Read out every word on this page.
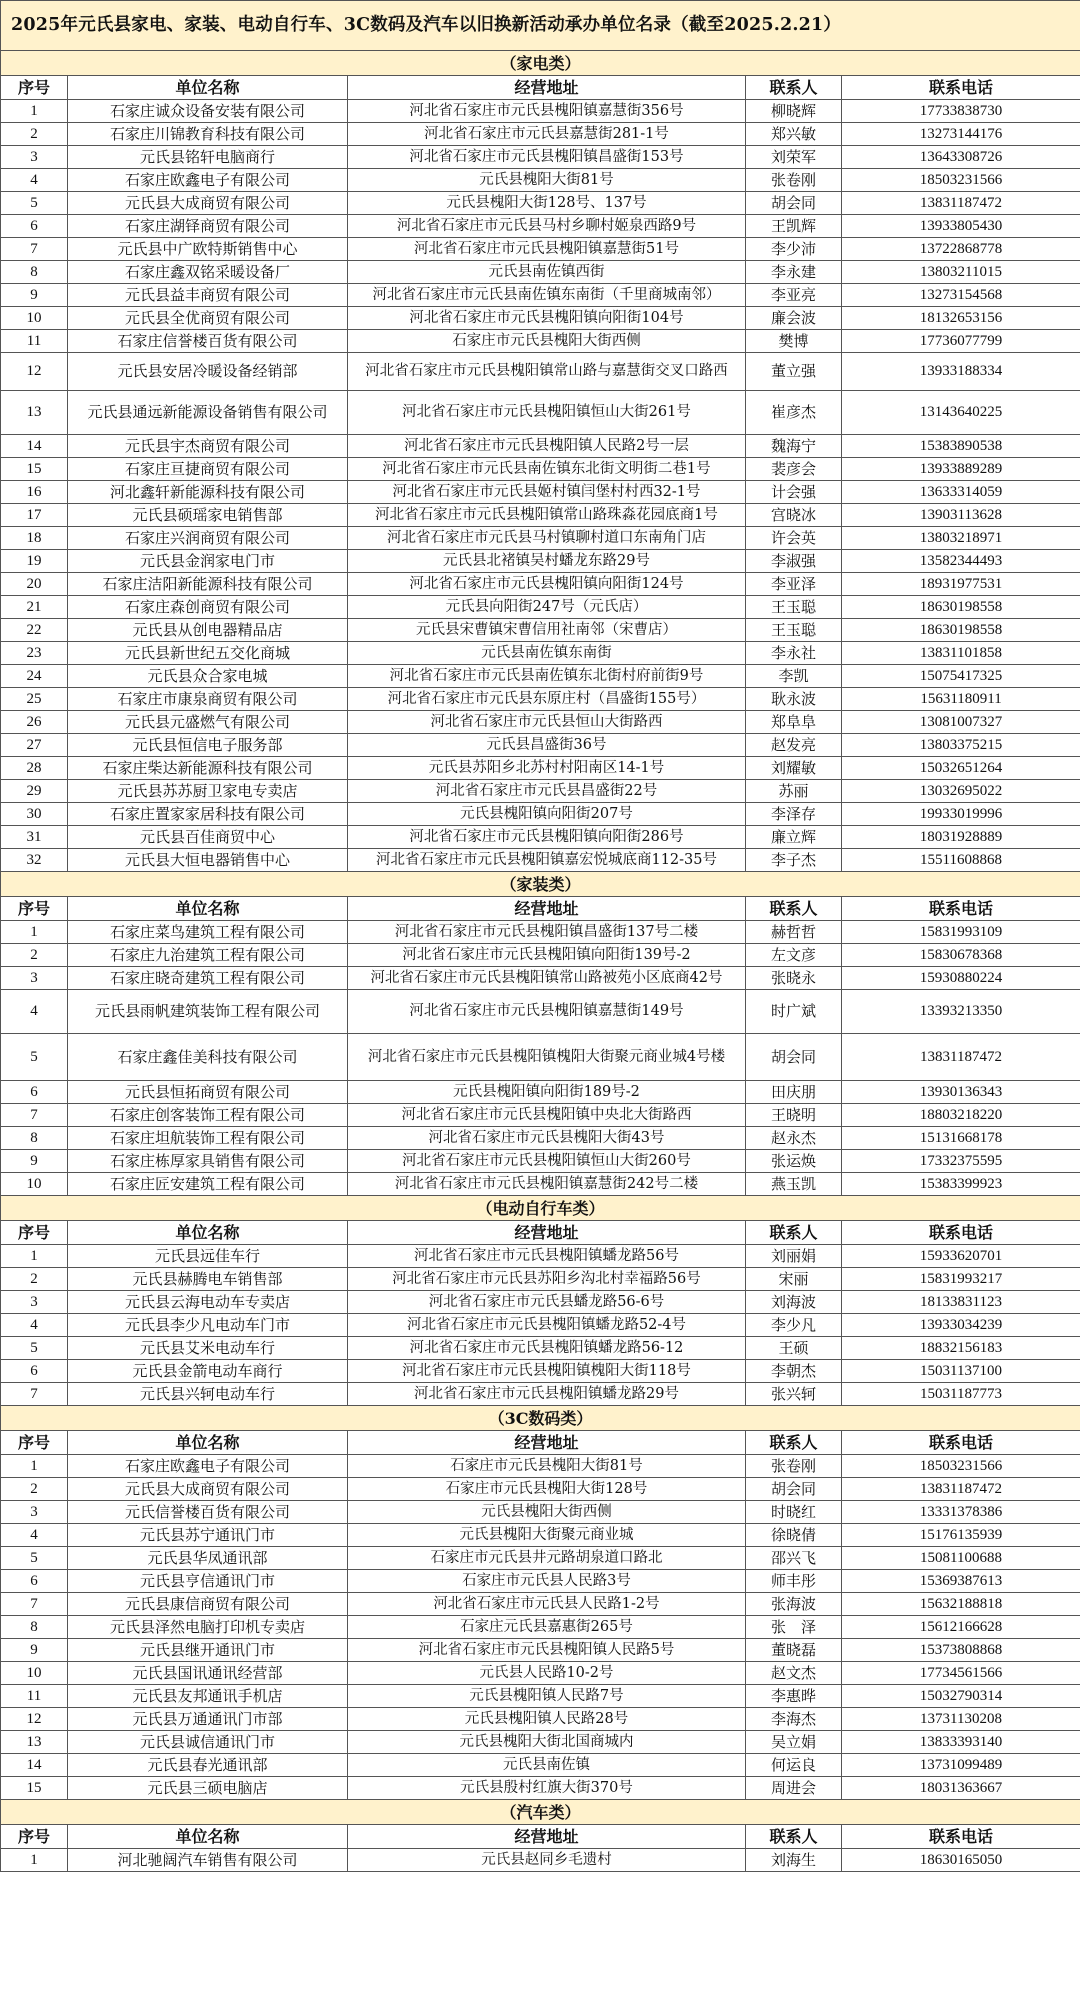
2025年元氏县家电、家装、电动自行车、3C数码及汽车以旧换新活动承办单位名录（截至2025.2.21）				
（家电类）				
序号	单位名称	经营地址	联系人	联系电话
1	石家庄诚众设备安装有限公司	河北省石家庄市元氏县槐阳镇嘉慧街356号	柳晓辉	17733838730
2	石家庄川锦教育科技有限公司	河北省石家庄市元氏县嘉慧街281-1号	郑兴敏	13273144176
3	元氏县铭轩电脑商行	河北省石家庄市元氏县槐阳镇昌盛街153号	刘荣军	13643308726
4	石家庄欧鑫电子有限公司	元氏县槐阳大街81号	张卷刚	18503231566
5	元氏县大成商贸有限公司	元氏县槐阳大街128号、137号	胡会同	13831187472
6	石家庄湖铎商贸有限公司	河北省石家庄市元氏县马村乡聊村姬泉西路9号	王凯辉	13933805430
7	元氏县中广欧特斯销售中心	河北省石家庄市元氏县槐阳镇嘉慧街51号	李少沛	13722868778
8	石家庄鑫双铭采暖设备厂	元氏县南佐镇西街	李永建	13803211015
9	元氏县益丰商贸有限公司	河北省石家庄市元氏县南佐镇东南街（千里商城南邻）	李亚亮	13273154568
10	元氏县全优商贸有限公司	河北省石家庄市元氏县槐阳镇向阳街104号	廉会波	18132653156
11	石家庄信誉楼百货有限公司	石家庄市元氏县槐阳大街西侧	樊博	17736077799
12	元氏县安居冷暖设备经销部	河北省石家庄市元氏县槐阳镇常山路与嘉慧街交叉口路西	董立强	13933188334
13	元氏县通远新能源设备销售有限公司	河北省石家庄市元氏县槐阳镇恒山大街261号	崔彦杰	13143640225
14	元氏县宇杰商贸有限公司	河北省石家庄市元氏县槐阳镇人民路2号一层	魏海宁	15383890538
15	石家庄亘捷商贸有限公司	河北省石家庄市元氏县南佐镇东北街文明街二巷1号	裴彦会	13933889289
16	河北鑫轩新能源科技有限公司	河北省石家庄市元氏县姬村镇闫堡村村西32-1号	计会强	13633314059
17	元氏县硕瑶家电销售部	河北省石家庄市元氏县槐阳镇常山路珠淼花园底商1号	宫晓冰	13903113628
18	石家庄兴润商贸有限公司	河北省石家庄市元氏县马村镇聊村道口东南角门店	许会英	13803218971
19	元氏县金润家电门市	元氏县北褚镇吴村蟠龙东路29号	李淑强	13582344493
20	石家庄洁阳新能源科技有限公司	河北省石家庄市元氏县槐阳镇向阳街124号	李亚泽	18931977531
21	石家庄森创商贸有限公司	元氏县向阳街247号（元氏店）	王玉聪	18630198558
22	元氏县从创电器精品店	元氏县宋曹镇宋曹信用社南邻（宋曹店）	王玉聪	18630198558
23	元氏县新世纪五交化商城	元氏县南佐镇东南街	李永社	13831101858
24	元氏县众合家电城	河北省石家庄市元氏县南佐镇东北街村府前街9号	李凯	15075417325
25	石家庄市康泉商贸有限公司	河北省石家庄市元氏县东原庄村（昌盛街155号）	耿永波	15631180911
26	元氏县元盛燃气有限公司	河北省石家庄市元氏县恒山大街路西	郑阜阜	13081007327
27	元氏县恒信电子服务部	元氏县昌盛街36号	赵发亮	13803375215
28	石家庄柴达新能源科技有限公司	元氏县苏阳乡北苏村村阳南区14-1号	刘耀敏	15032651264
29	元氏县苏苏厨卫家电专卖店	河北省石家庄市元氏县昌盛街22号	苏丽	13032695022
30	石家庄置家家居科技有限公司	元氏县槐阳镇向阳街207号	李泽存	19933019996
31	元氏县百佳商贸中心	河北省石家庄市元氏县槐阳镇向阳街286号	廉立辉	18031928889
32	元氏县大恒电器销售中心	河北省石家庄市元氏县槐阳镇嘉宏悦城底商112-35号	李子杰	15511608868
（家装类）				
序号	单位名称	经营地址	联系人	联系电话
1	石家庄菜鸟建筑工程有限公司	河北省石家庄市元氏县槐阳镇昌盛街137号二楼	赫哲哲	15831993109
2	石家庄九治建筑工程有限公司	河北省石家庄市元氏县槐阳镇向阳街139号-2	左文彦	15830678368
3	石家庄晓奇建筑工程有限公司	河北省石家庄市元氏县槐阳镇常山路被苑小区底商42号	张晓永	15930880224
4	元氏县雨帆建筑装饰工程有限公司	河北省石家庄市元氏县槐阳镇嘉慧街149号	时广斌	13393213350
5	石家庄鑫佳美科技有限公司	河北省石家庄市元氏县槐阳镇槐阳大街聚元商业城4号楼	胡会同	13831187472
6	元氏县恒拓商贸有限公司	元氏县槐阳镇向阳街189号-2	田庆朋	13930136343
7	石家庄创客装饰工程有限公司	河北省石家庄市元氏县槐阳镇中央北大街路西	王晓明	18803218220
8	石家庄坦航装饰工程有限公司	河北省石家庄市元氏县槐阳大街43号	赵永杰	15131668178
9	石家庄栋厚家具销售有限公司	河北省石家庄市元氏县槐阳镇恒山大街260号	张运焕	17332375595
10	石家庄匠安建筑工程有限公司	河北省石家庄市元氏县槐阳镇嘉慧街242号二楼	燕玉凯	15383399923
（电动自行车类）				
序号	单位名称	经营地址	联系人	联系电话
1	元氏县远佳车行	河北省石家庄市元氏县槐阳镇蟠龙路56号	刘丽娟	15933620701
2	元氏县赫腾电车销售部	河北省石家庄市元氏县苏阳乡沟北村幸福路56号	宋丽	15831993217
3	元氏县云海电动车专卖店	河北省石家庄市元氏县蟠龙路56-6号	刘海波	18133831123
4	元氏县李少凡电动车门市	河北省石家庄市元氏县槐阳镇蟠龙路52-4号	李少凡	13933034239
5	元氏县艾米电动车行	河北省石家庄市元氏县槐阳镇蟠龙路56-12	王硕	18832156183
6	元氏县金箭电动车商行	河北省石家庄市元氏县槐阳镇槐阳大街118号	李朝杰	15031137100
7	元氏县兴轲电动车行	河北省石家庄市元氏县槐阳镇蟠龙路29号	张兴轲	15031187773
（3C数码类）				
序号	单位名称	经营地址	联系人	联系电话
1	石家庄欧鑫电子有限公司	石家庄市元氏县槐阳大街81号	张卷刚	18503231566
2	元氏县大成商贸有限公司	石家庄市元氏县槐阳大街128号	胡会同	13831187472
3	元氏信誉楼百货有限公司	元氏县槐阳大街西侧	时晓红	13331378386
4	元氏县苏宁通讯门市	元氏县槐阳大街聚元商业城	徐晓倩	15176135939
5	元氏县华凤通讯部	石家庄市元氏县井元路胡泉道口路北	邵兴飞	15081100688
6	元氏县亨信通讯门市	石家庄市元氏县人民路3号	师丰彤	15369387613
7	元氏县康信商贸有限公司	河北省石家庄市元氏县人民路1-2号	张海波	15632188818
8	元氏县泽然电脑打印机专卖店	石家庄元氏县嘉惠街265号	张　泽	15612166628
9	元氏县继开通讯门市	河北省石家庄市元氏县槐阳镇人民路5号	董晓磊	15373808868
10	元氏县国讯通讯经营部	元氏县人民路10-2号	赵文杰	17734561566
11	元氏县友邦通讯手机店	元氏县槐阳镇人民路7号	李惠晔	15032790314
12	元氏县万通通讯门市部	元氏县槐阳镇人民路28号	李海杰	13731130208
13	元氏县诚信通讯门市	元氏县槐阳大街北国商城内	吴立娟	13833393140
14	元氏县春光通讯部	元氏县南佐镇	何运良	13731099489
15	元氏县三硕电脑店	元氏县殷村红旗大街370号	周进会	18031363667
（汽车类）				
序号	单位名称	经营地址	联系人	联系电话
1	河北驰阔汽车销售有限公司	元氏县赵同乡毛遗村	刘海生	18630165050
